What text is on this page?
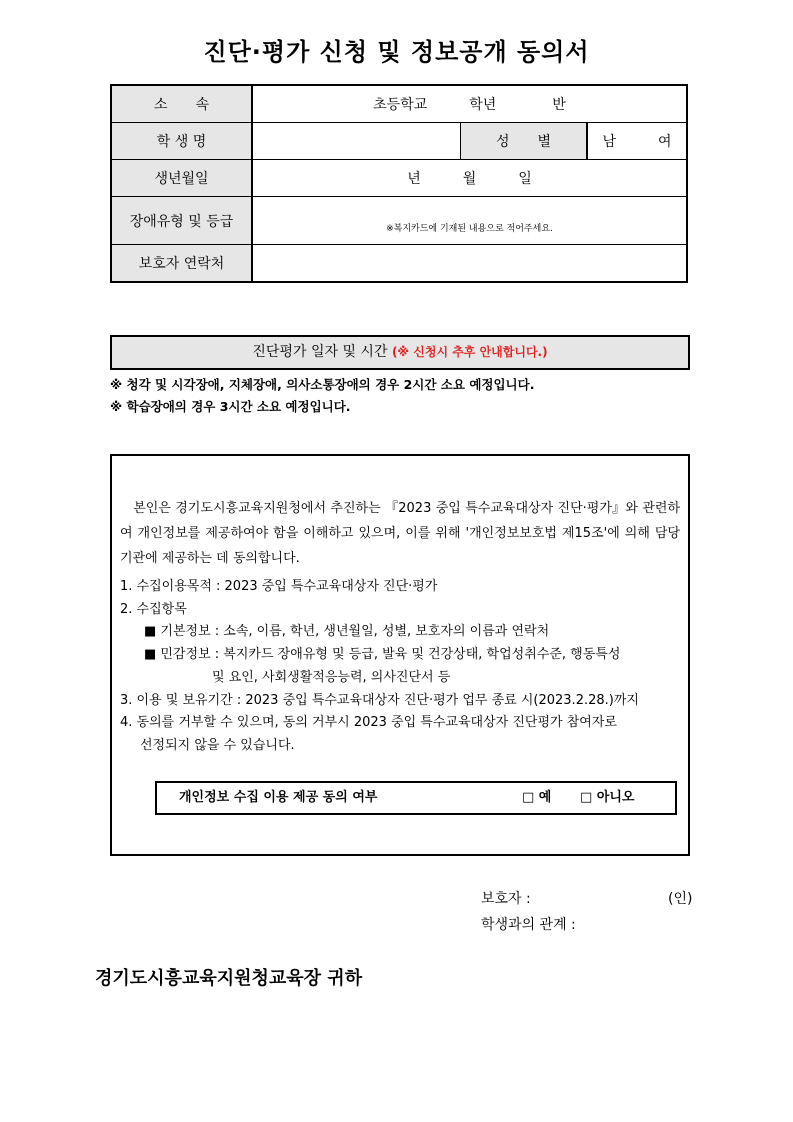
진단·평가 신청 및 정보공개 동의서
소　　속	초등학교　　　학년　　　　반		
학 생 명		성　　별	남　　　여
생년월일	년　　　월　　　일		
장애유형 및 등급	※복지카드에 기재된 내용으로 적어주세요.		

보호자 연락처			
진단평가 일자 및 시간 (※ 신청시 추후 안내합니다.)
※ 청각 및 시각장애, 지체장애, 의사소통장애의 경우 2시간 소요 예정입니다.
※ 학습장애의 경우 3시간 소요 예정입니다.
　본인은 경기도시흥교육지원청에서 추진하는 『2023 중입 특수교육대상자 진단·평가』와 관련하여 개인정보를 제공하여야 함을 이해하고 있으며, 이를 위해 '개인정보보호법 제15조'에 의해 담당기관에 제공하는 데 동의합니다.
1. 수집이용목적 : 2023 중입 특수교육대상자 진단·평가
2. 수집항목
■ 기본정보 : 소속, 이름, 학년, 생년월일, 성별, 보호자의 이름과 연락처
■ 민감정보 : 복지카드 장애유형 및 등급, 발육 및 건강상태, 학업성취수준, 행동특성
및 요인, 사회생활적응능력, 의사진단서 등
3. 이용 및 보유기간 : 2023 중입 특수교육대상자 진단·평가 업무 종료 시(2023.2.28.)까지
4. 동의를 거부할 수 있으며, 동의 거부시 2023 중입 특수교육대상자 진단평가 참여자로
선정되지 않을 수 있습니다.
개인정보 수집 이용 제공 동의 여부	□ 예 □ 아니오
보호자 :	(인)
학생과의 관계 :
경기도시흥교육지원청교육장 귀하
